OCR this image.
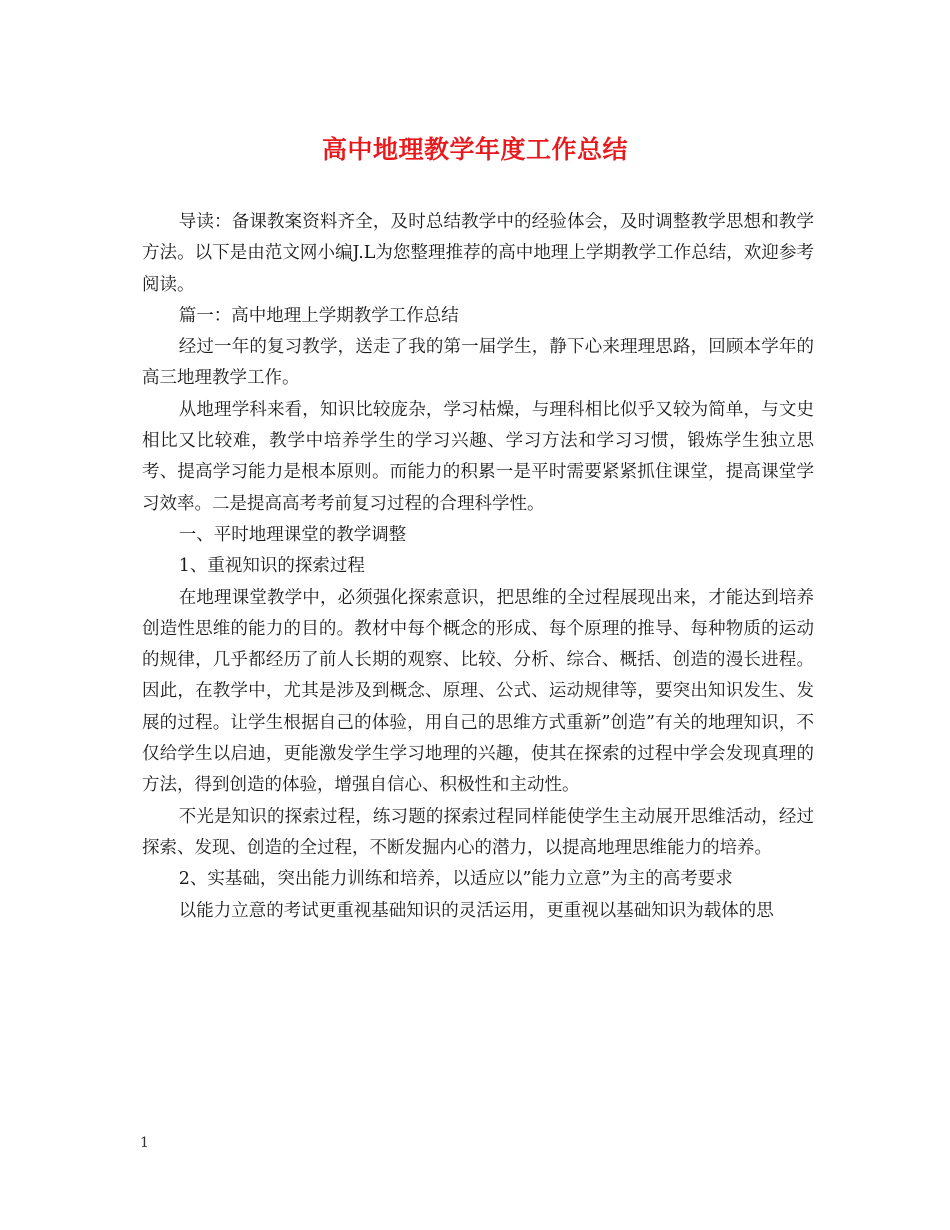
高中地理教学年度工作总结

导读：备课教案资料齐全，及时总结教学中的经验体会，及时调整教学思想和教学方法。以下是由范文网小编J.L为您整理推荐的高中地理上学期教学工作总结，欢迎参考阅读。

篇一：高中地理上学期教学工作总结

经过一年的复习教学，送走了我的第一届学生，静下心来理理思路，回顾本学年的高三地理教学工作。

从地理学科来看，知识比较庞杂，学习枯燥，与理科相比似乎又较为简单，与文史相比又比较难，教学中培养学生的学习兴趣、学习方法和学习习惯，锻炼学生独立思考、提高学习能力是根本原则。而能力的积累一是平时需要紧紧抓住课堂，提高课堂学习效率。二是提高高考考前复习过程的合理科学性。

一、平时地理课堂的教学调整

1、重视知识的探索过程

在地理课堂教学中，必须强化探索意识，把思维的全过程展现出来，才能达到培养创造性思维的能力的目的。教材中每个概念的形成、每个原理的推导、每种物质的运动的规律，几乎都经历了前人长期的观察、比较、分析、综合、概括、创造的漫长进程。因此，在教学中，尤其是涉及到概念、原理、公式、运动规律等，要突出知识发生、发展的过程。让学生根据自己的体验，用自己的思维方式重新”创造”有关的地理知识，不仅给学生以启迪，更能激发学生学习地理的兴趣，使其在探索的过程中学会发现真理的方法，得到创造的体验，增强自信心、积极性和主动性。

不光是知识的探索过程，练习题的探索过程同样能使学生主动展开思维活动，经过探索、发现、创造的全过程，不断发掘内心的潜力，以提高地理思维能力的培养。

2、实基础，突出能力训练和培养，以适应以”能力立意”为主的高考要求

以能力立意的考试更重视基础知识的灵活运用，更重视以基础知识为载体的思

1
